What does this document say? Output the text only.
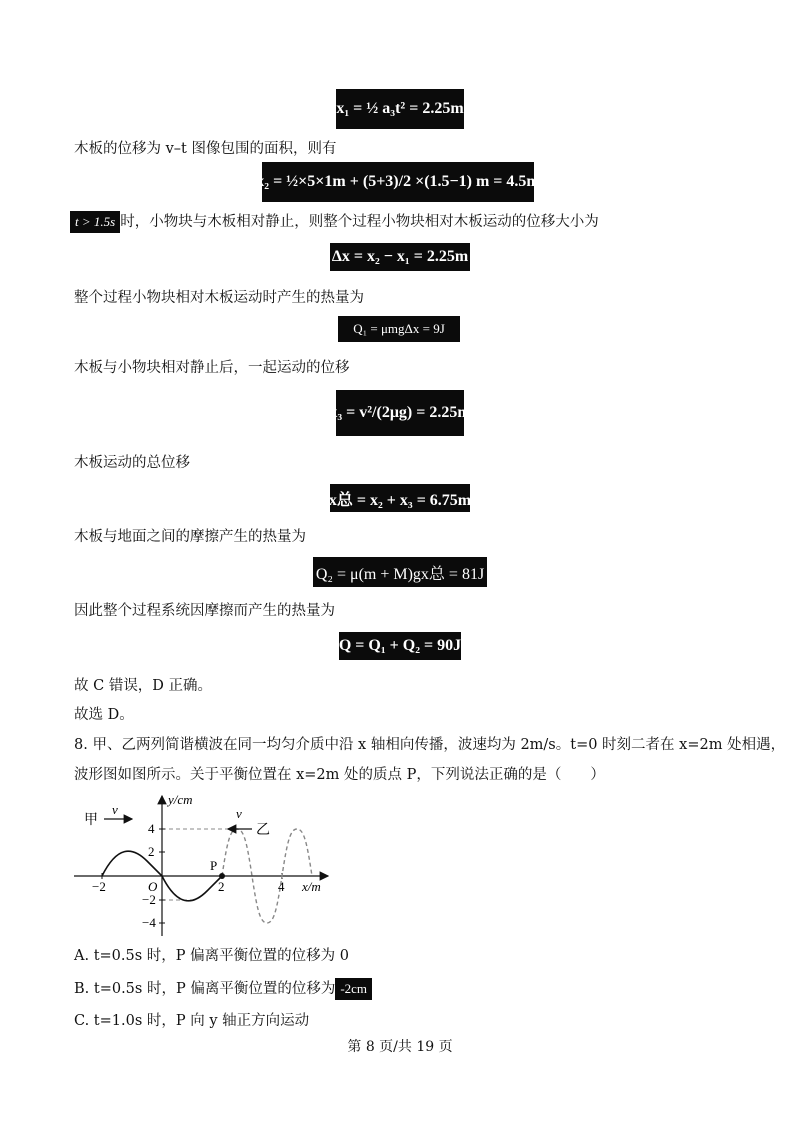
x₁ = ½ a₃t² = 2.25m
木板的位移为 v–t 图像包围的面积，则有
x₂ = ½×5×1m + (5+3)/2 ×(1.5−1) m = 4.5m
t > 1.5s 时，小物块与木板相对静止，则整个过程小物块相对木板运动的位移大小为
Δx = x₂ − x₁ = 2.25m
整个过程小物块相对木板运动时产生的热量为
Q₁ = μmgΔx = 9J
木板与小物块相对静止后，一起运动的位移
x₃ = v²/(2μg) = 2.25m
木板运动的总位移
x总 = x₂ + x₃ = 6.75m
木板与地面之间的摩擦产生的热量为
Q₂ = μ(m + M)gx总 = 81J
因此整个过程系统因摩擦而产生的热量为
Q = Q₁ + Q₂ = 90J
故 C 错误，D 正确。
故选 D。
8. 甲、乙两列简谐横波在同一均匀介质中沿 x 轴相向传播，波速均为 2m/s。t=0 时刻二者在 x=2m 处相遇，
波形图如图所示。关于平衡位置在 x=2m 处的质点 P，下列说法正确的是（　　）
甲
v
乙
v
y/cm
x/m
P
O
4
2
−2
−4
−2	2	4
A. t=0.5s 时，P 偏离平衡位置的位移为 0
B. t=0.5s 时，P 偏离平衡位置的位移为 -2cm
C. t=1.0s 时，P 向 y 轴正方向运动
第 8 页/共 19 页
